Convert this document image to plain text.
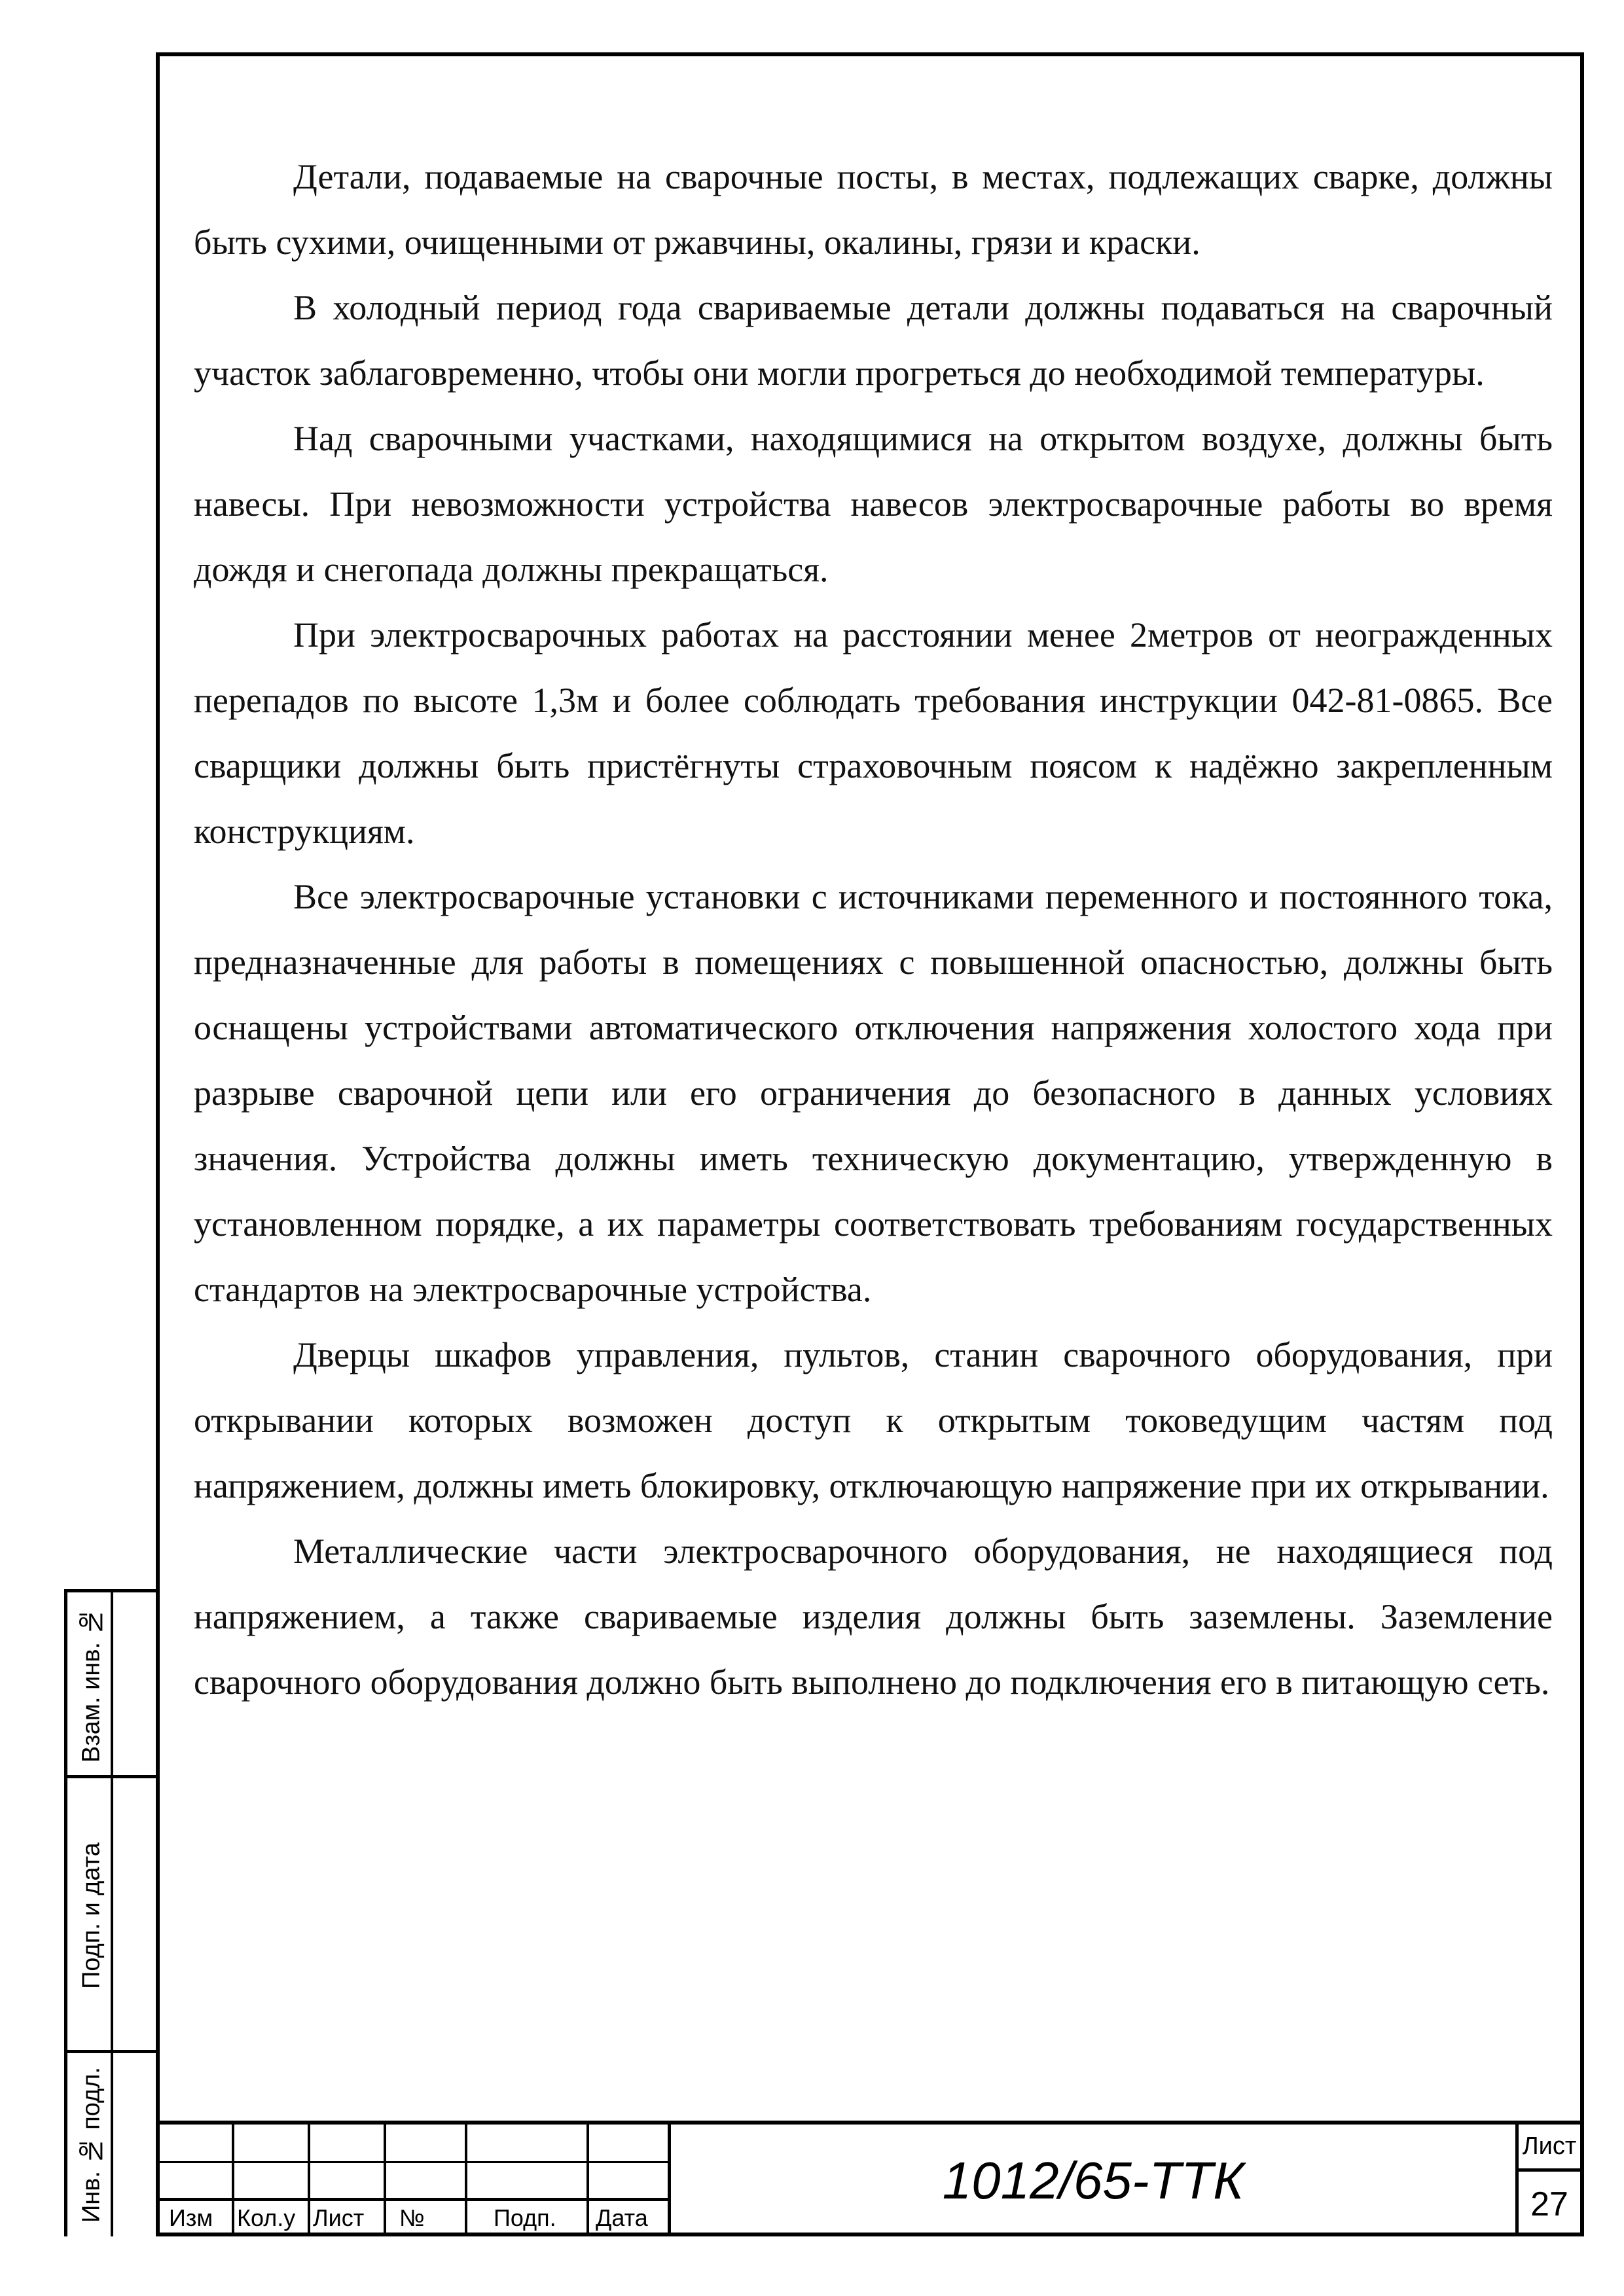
Детали, подаваемые на сварочные посты, в местах, подлежащих сварке, должны быть сухими, очищенными от ржавчины, окалины, грязи и краски.

В холодный период года свариваемые детали должны подаваться на сварочный участок заблаговременно, чтобы они могли прогреться до необходимой температуры.

Над сварочными участками, находящимися на открытом воздухе, должны быть навесы. При невозможности устройства навесов электросварочные работы во время дождя и снегопада должны прекращаться.

При электросварочных работах на расстоянии менее 2метров от неогражденных перепадов по высоте 1,3м и более соблюдать требования инструкции 042-81-0865. Все сварщики должны быть пристёгнуты страховочным поясом к надёжно закрепленным конструкциям.

Все электросварочные установки с источниками переменного и постоянного тока, предназначенные для работы в помещениях с повышенной опасностью, должны быть оснащены устройствами автоматического отключения напряжения холостого хода при разрыве сварочной цепи или его ограничения до безопасного в данных условиях значения. Устройства должны иметь техническую документацию, утвержденную в установленном порядке, а их параметры соответствовать требованиям государственных стандартов на электросварочные устройства.

Дверцы шкафов управления, пультов, станин сварочного оборудования, при открывании которых возможен доступ к открытым токоведущим частям под напряжением, должны иметь блокировку, отключающую напряжение при их открывании.

Металлические части электросварочного оборудования, не находящиеся под напряжением, а также свариваемые изделия должны быть заземлены. Заземление сварочного оборудования должно быть выполнено до подключения его в питающую сеть.

Взам. инв. №
Подп. и дата
Инв. № подл.	Изм Кол.у Лист №	Подп. Дата
1012/65-ТТК
Лист
27
